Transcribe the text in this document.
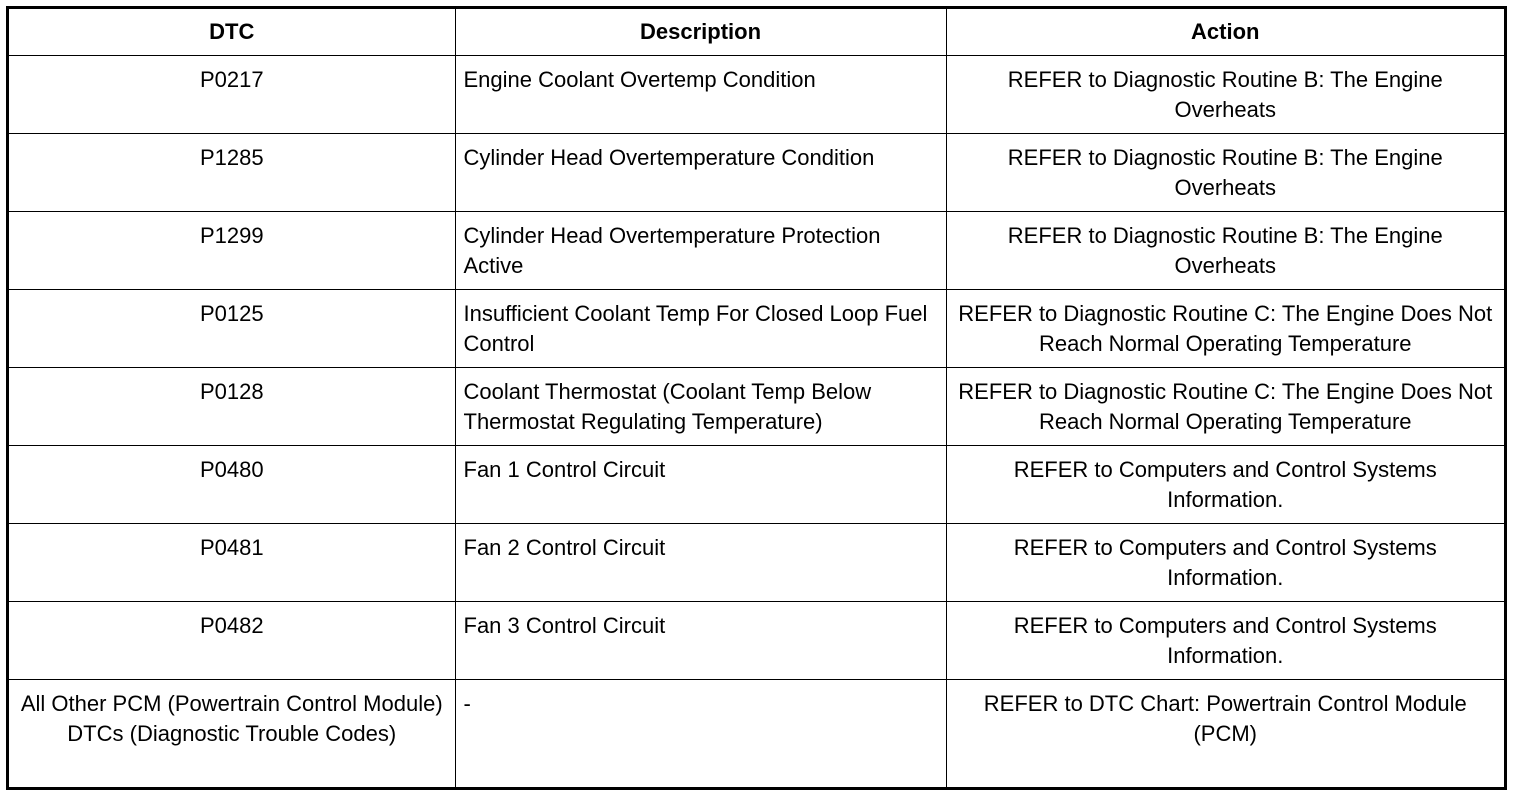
DTC	Description	Action
P0217	Engine Coolant Overtemp Condition	REFER to Diagnostic Routine B: The Engine Overheats
P1285	Cylinder Head Overtemperature Condition	REFER to Diagnostic Routine B: The Engine Overheats
P1299	Cylinder Head Overtemperature Protection Active	REFER to Diagnostic Routine B: The Engine Overheats
P0125	Insufficient Coolant Temp For Closed Loop Fuel Control	REFER to Diagnostic Routine C: The Engine Does Not Reach Normal Operating Temperature
P0128	Coolant Thermostat (Coolant Temp Below Thermostat Regulating Temperature)	REFER to Diagnostic Routine C: The Engine Does Not Reach Normal Operating Temperature
P0480	Fan 1 Control Circuit	REFER to Computers and Control Systems Information.
P0481	Fan 2 Control Circuit	REFER to Computers and Control Systems Information.
P0482	Fan 3 Control Circuit	REFER to Computers and Control Systems Information.
All Other PCM (Powertrain Control Module) DTCs (Diagnostic Trouble Codes)	-	REFER to DTC Chart: Powertrain Control Module (PCM)
